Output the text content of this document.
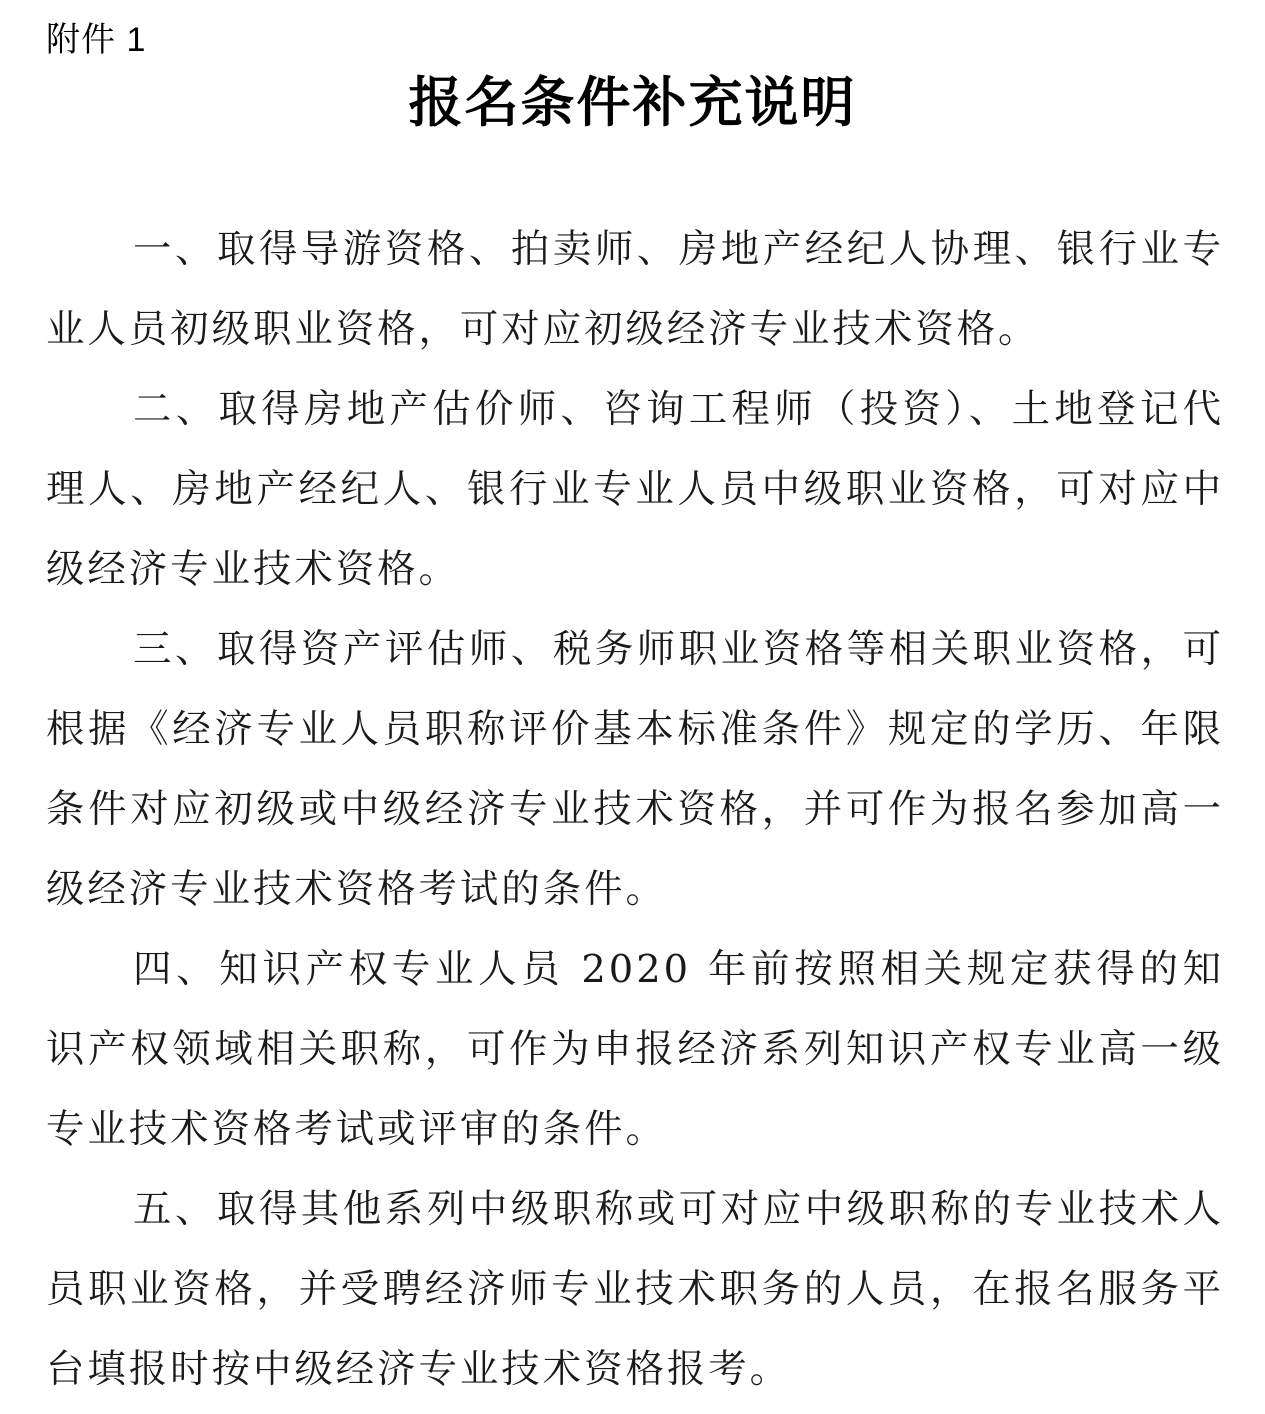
附件 1
报名条件补充说明

一、取得导游资格、拍卖师、房地产经纪人协理、银行业专业人员初级职业资格，可对应初级经济专业技术资格。

二、取得房地产估价师、咨询工程师（投资）、土地登记代理人、房地产经纪人、银行业专业人员中级职业资格，可对应中级经济专业技术资格。

三、取得资产评估师、税务师职业资格等相关职业资格，可根据《经济专业人员职称评价基本标准条件》规定的学历、年限条件对应初级或中级经济专业技术资格，并可作为报名参加高一级经济专业技术资格考试的条件。

四、知识产权专业人员 2020 年前按照相关规定获得的知识产权领域相关职称，可作为申报经济系列知识产权专业高一级专业技术资格考试或评审的条件。

五、取得其他系列中级职称或可对应中级职称的专业技术人员职业资格，并受聘经济师专业技术职务的人员，在报名服务平台填报时按中级经济专业技术资格报考。
